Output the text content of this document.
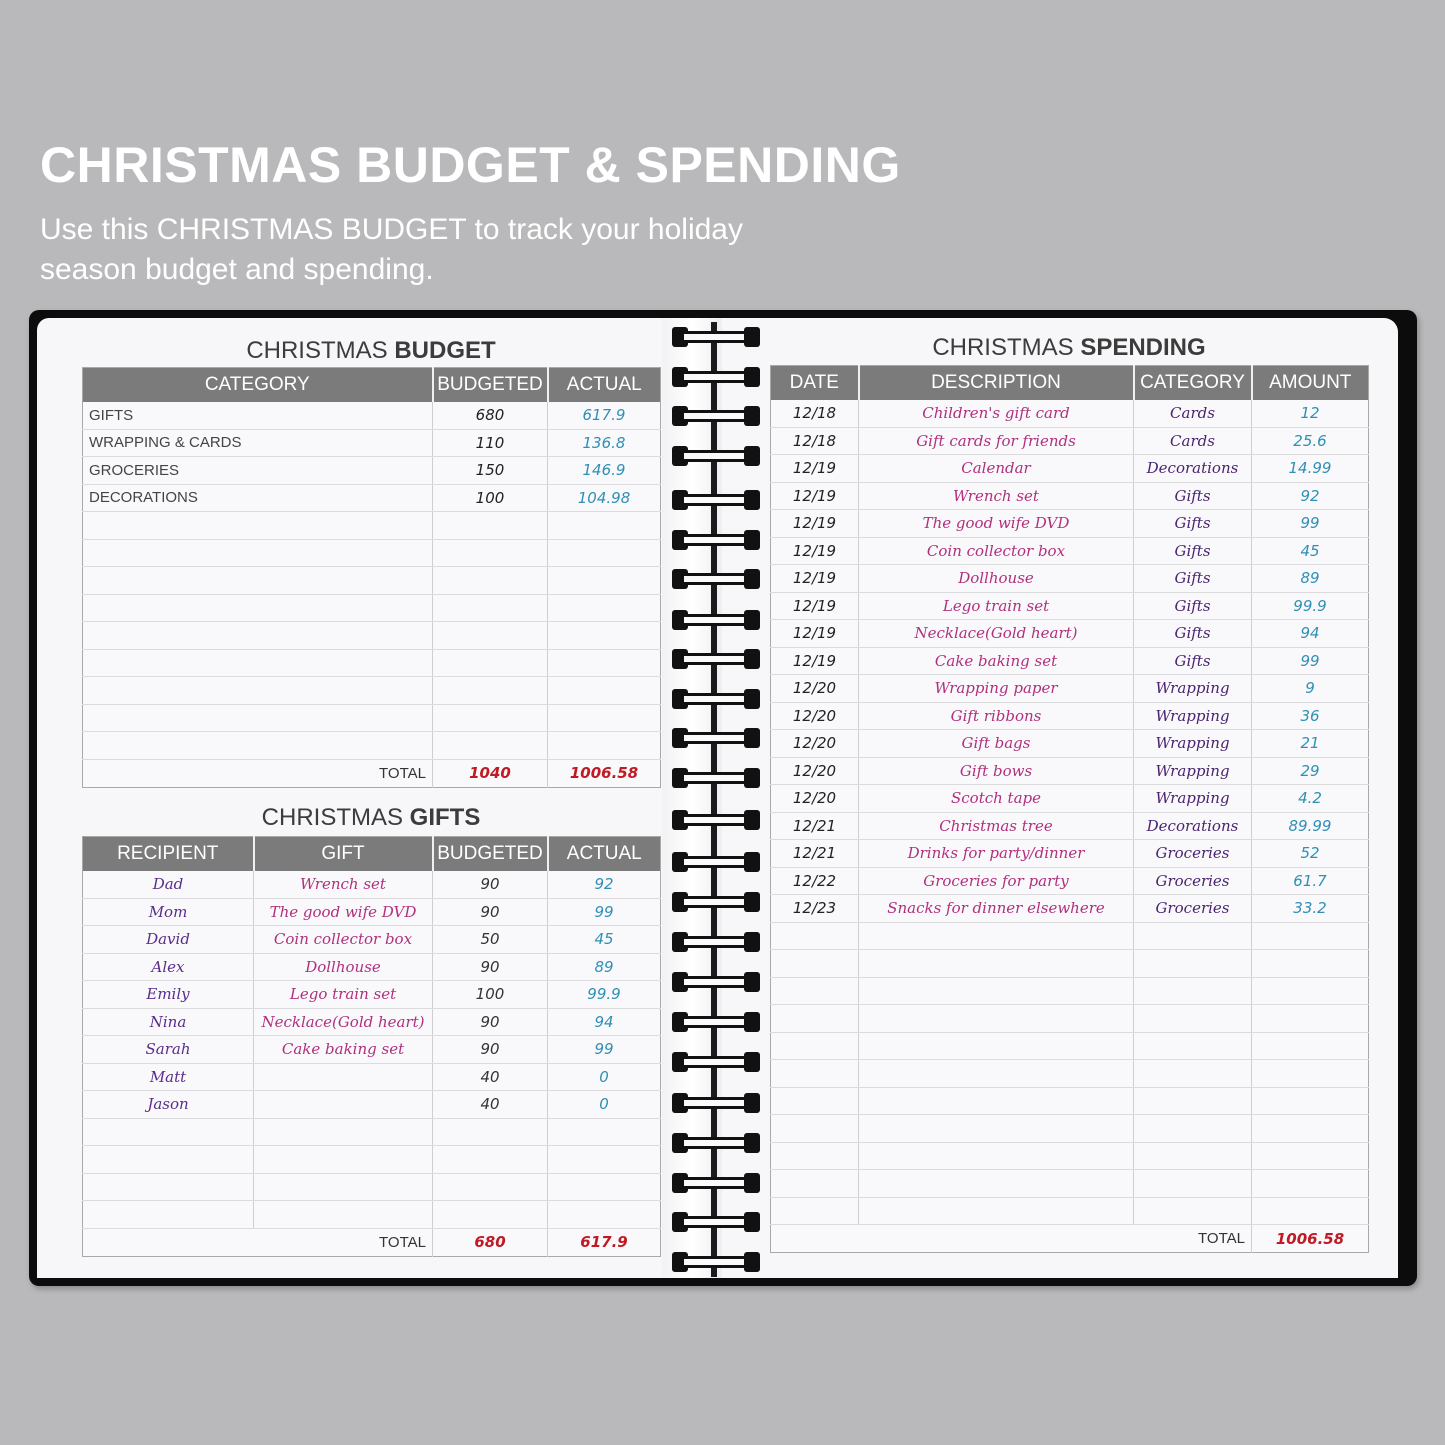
CHRISTMAS BUDGET & SPENDING
Use this CHRISTMAS BUDGET to track your holiday season budget and spending.
CHRISTMAS BUDGET
CATEGORY	BUDGETED	ACTUAL
GIFTS	680	617.9
WRAPPING & CARDS	110	136.8
GROCERIES	150	146.9
DECORATIONS	100	104.98

TOTAL	1040	1006.58
CHRISTMAS GIFTS
RECIPIENT	GIFT	BUDGETED	ACTUAL
Dad	Wrench set	90	92
Mom	The good wife DVD	90	99
David	Coin collector box	50	45
Alex	Dollhouse	90	89
Emily	Lego train set	100	99.9
Nina	Necklace(Gold heart)	90	94
Sarah	Cake baking set	90	99
Matt		40	0
Jason		40	0

TOTAL		680	617.9
CHRISTMAS SPENDING
DATE	DESCRIPTION	CATEGORY	AMOUNT
12/18	Children's gift card	Cards	12
12/18	Gift cards for friends	Cards	25.6
12/19	Calendar	Decorations	14.99
12/19	Wrench set	Gifts	92
12/19	The good wife DVD	Gifts	99
12/19	Coin collector box	Gifts	45
12/19	Dollhouse	Gifts	89
12/19	Lego train set	Gifts	99.9
12/19	Necklace(Gold heart)	Gifts	94
12/19	Cake baking set	Gifts	99
12/20	Wrapping paper	Wrapping	9
12/20	Gift ribbons	Wrapping	36
12/20	Gift bags	Wrapping	21
12/20	Gift bows	Wrapping	29
12/20	Scotch tape	Wrapping	4.2
12/21	Christmas tree	Decorations	89.99
12/21	Drinks for party/dinner	Groceries	52
12/22	Groceries for party	Groceries	61.7
12/23	Snacks for dinner elsewhere	Groceries	33.2

TOTAL			1006.58
